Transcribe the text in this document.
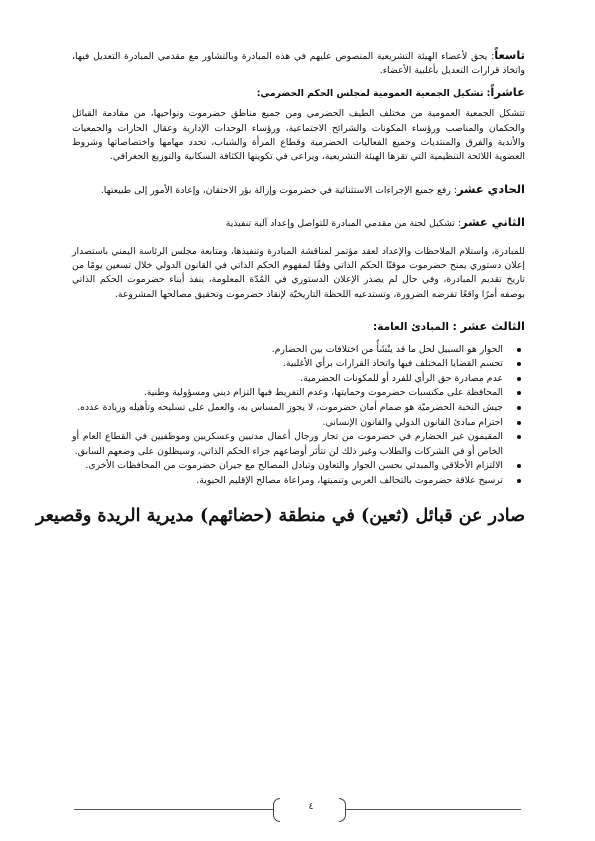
تاسعاً: يحق لأعضاء الهيئة التشريعية المنصوص عليهم في هذه المبادرة وبالتشاور مع مقدمي المبادرة التعديل فيها، واتخاذ قرارات التعديل بأغلبية الأعضاء.

عاشراً: تشكيل الجمعية العمومية لمجلس الحكم الحضرمي:

تتشكل الجمعية العمومية من مختلف الطيف الحضرمي ومن جميع مناطق حضرموت ونواحيها، من مقادمة القبائل والحكمان والمناصب ورؤساء المكونات والشرائح الاجتماعية، ورؤساء الوحدات الإدارية وعقال الحارات والجمعيات والأندية والفرق والمنتديات وجميع الفعاليات الحضرمية وقطاع المرأة والشباب، تحدد مهامها واختصاصاتها وشروط العضوية اللائحة التنظيمية التي تقرها الهيئة التشريعية، ويراعى في تكوينها الكثافة السكانية والتوزيع الجغرافي.

الحادي عشر: رفع جميع الإجراءات الاستثنائية في حضرموت وإزالة بؤر الاحتقان، وإعادة الأمور إلى طبيعتها.

الثاني عشر: تشكيل لجنة من مقدمي المبادرة للتواصل وإعداد آلية تنفيذية

للمبادرة، واستلام الملاحظات والإعداد لعقد مؤتمر لمناقشة المبادرة وتنفيذها، ومتابعة مجلس الرئاسة اليمني باستصدار إعلان دستوري يمنح حضرموت موقتًا الحكم الذاتي وفقًا لمفهوم الحكم الذاتي في القانون الدولي خلال تسعين يومًا من تاريخ تقديم المبادرة، وفي حال لم يصدر الإعلان الدستوري في المُدّة المعلومة، ينفذ أبناء حضرموت الحكم الذاتي بوصفه أمرًا واقعًا تفرضه الضرورة، وتستدعيه اللحظة التاريخيّة لإنقاذ حضرموت وتحقيق مصالحها المشروعة.

الثالث عشر : المبادئ العامة:

الحوار هو السبيل لحل ما قد ينْشَأُ من اختلافات بين الحضارم.
تحسم القضايا المختلف فيها واتخاذ القرارات برأي الأغلبية.
عدم مصادرة حق الرأي للفرد أو للمكونات الحضرمية.
المحافظة على مكتسبات حضرموت وحمايتها، وعدم التفريط فيها التزام ديني ومسؤولية وطنية.
جيش النخبة الحضرميّة هو صمام أمان حضرموت، لا يجوز المساس به، والعمل على تسليحه وتأهيله وزيادة عدده.
احترام مبادئ القانون الدولي والقانون الإنساني.
المقيمون غير الحضارم في حضرموت من تجار ورجال أعمال مدنيين وعسكريين وموظفيين في القطاع العام أو الخاص أو في الشركات والطلاب وغير ذلك لن تتأثر أوضاعهم جراء الحكم الذاتي، وسيظلون على وضعهم السابق.
الالتزام الأخلاقي والمبدئي بحسن الجوار والتعاون وتبادل المصالح مع جيران حضرموت من المحافظات الأخرى.
ترسيخ علاقة حضرموت بالتحالف العربي وتنميتها، ومراعاة مصالح الإقليم الحيوية.

صادر عن قبائل (ثعين) في منطقة (حضائهم) مديرية الريدة وقصيعر

٤
